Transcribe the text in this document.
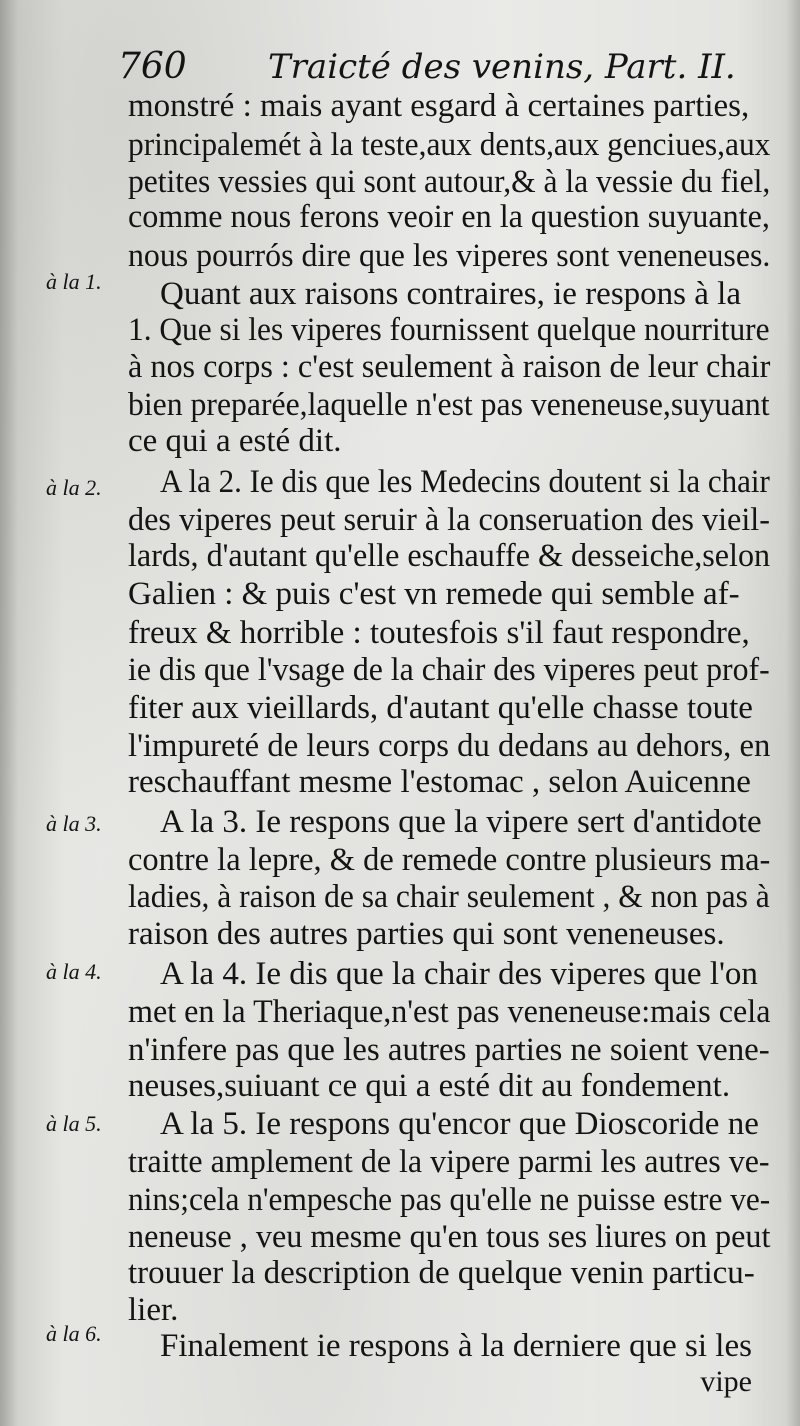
760 Traicté des venins, Part. II.
monstré : mais ayant esgard à certaines parties,
principalemét à la teste,aux dents,aux genciues,aux
petites vessies qui sont autour,& à la vessie du fiel,
comme nous ferons veoir en la question suyuante,
nous pourrós dire que les viperes sont veneneuses.
Quant aux raisons contraires, ie respons à la
1. Que si les viperes fournissent quelque nourriture
à nos corps : c'est seulement à raison de leur chair
bien preparée,laquelle n'est pas veneneuse,suyuant
ce qui a esté dit.
A la 2. Ie dis que les Medecins doutent si la chair
des viperes peut seruir à la conseruation des vieil-
lards, d'autant qu'elle eschauffe & desseiche,selon
Galien : & puis c'est vn remede qui semble af-
freux & horrible : toutesfois s'il faut respondre,
ie dis que l'vsage de la chair des viperes peut prof-
fiter aux vieillards, d'autant qu'elle chasse toute
l'impureté de leurs corps du dedans au dehors, en
reschauffant mesme l'estomac , selon Auicenne
A la 3. Ie respons que la vipere sert d'antidote
contre la lepre, & de remede contre plusieurs ma-
ladies, à raison de sa chair seulement , & non pas à
raison des autres parties qui sont veneneuses.
A la 4. Ie dis que la chair des viperes que l'on
met en la Theriaque,n'est pas veneneuse:mais cela
n'infere pas que les autres parties ne soient vene-
neuses,suiuant ce qui a esté dit au fondement.
A la 5. Ie respons qu'encor que Dioscoride ne
traitte amplement de la vipere parmi les autres ve-
nins;cela n'empesche pas qu'elle ne puisse estre ve-
neneuse , veu mesme qu'en tous ses liures on peut
trouuer la description de quelque venin particu-
lier.
Finalement ie respons à la derniere que si les
à la 1.
à la 2.
à la 3.
à la 4.
à la 5.
à la 6.
vipe
